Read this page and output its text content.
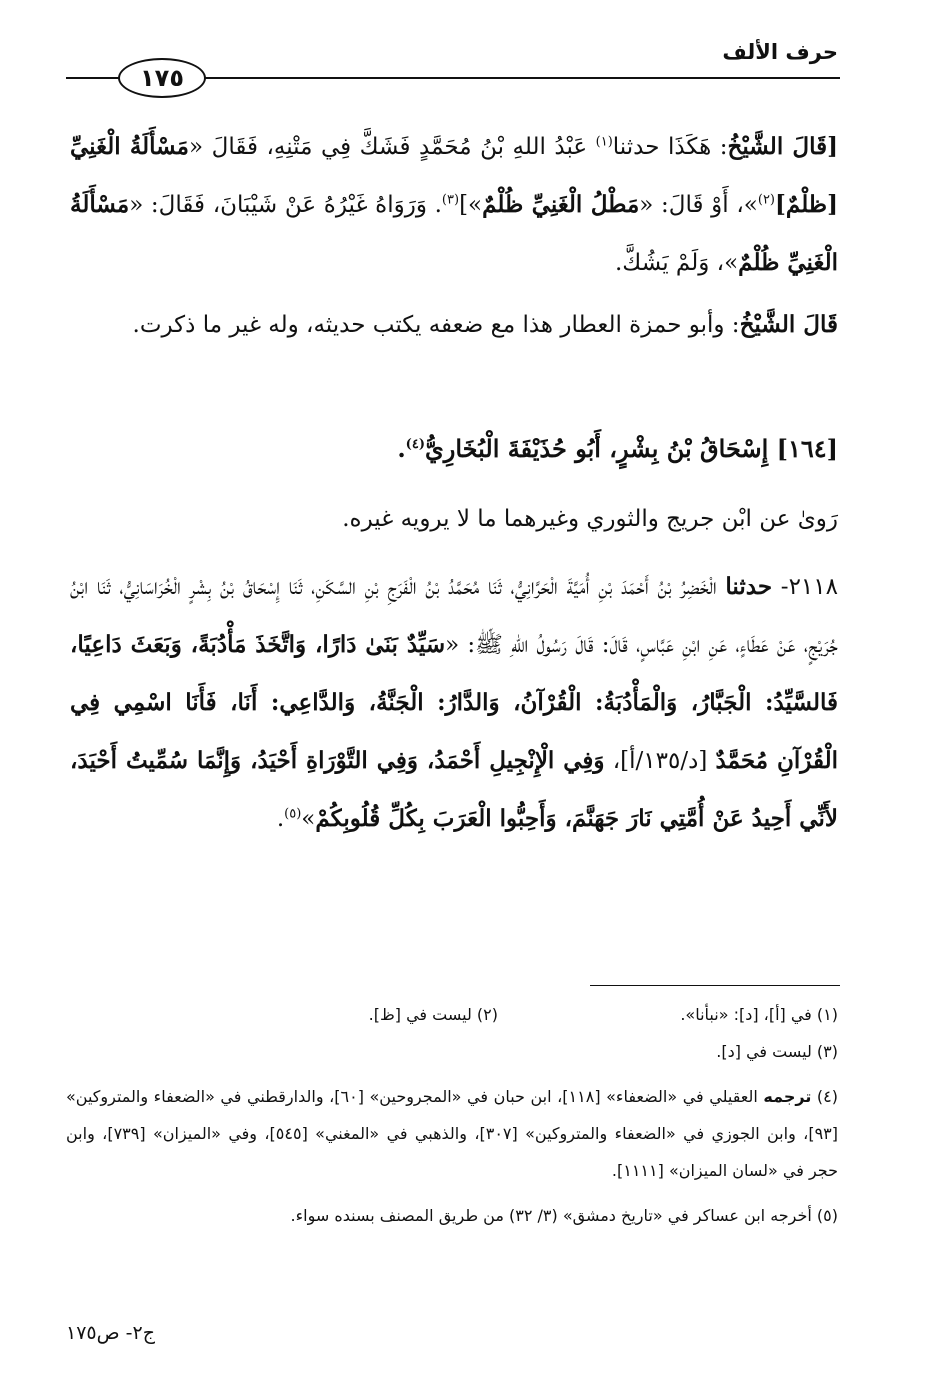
حرف الألف
١٧٥

[قَالَ الشَّيْخُ: هَكَذَا حدثنا$^{(١)}$ عَبْدُ اللهِ بْنُ مُحَمَّدٍ فَشَكَّ فِي مَتْنِهِ، فَقَالَ «مَسْأَلَةُ الْغَنِيِّ [ظلْمٌ]$^{(٢)}$»، أَوْ قَالَ: «مَطْلُ الْغَنِيِّ ظُلْمٌ»]$^{(٣)}$. وَرَوَاهُ غَيْرُهُ عَنْ شَيْبَانَ، فَقَالَ: «مَسْأَلَةُ الْغَنِيِّ ظُلْمٌ»، وَلَمْ يَشُكَّ.

قَالَ الشَّيْخُ: وأبو حمزة العطار هذا مع ضعفه يكتب حديثه، وله غير ما ذكرت.

[١٦٤] إِسْحَاقُ بْنُ بِشْرٍ، أَبُو حُذَيْفَةَ الْبُخَارِيُّ$^{(٤)}$.

رَوىٰ عن ابْن جريج والثوري وغيرهما ما لا يرويه غيره.

٢١١٨- حدثنا الْخَضِرُ بْنُ أَحْمَدَ بْنِ أُمَيَّةَ الْحَرَّانِيُّ، ثَنَا مُحَمَّدُ بْنُ الْفَرَجِ بْنِ السَّكَنِ، ثَنَا إِسْحَاقُ بْنُ بِشْرٍ الْخُرَاسَانِيُّ، ثَنَا ابْنُ جُرَيْجٍ، عَنْ عَطَاءٍ، عَنِ ابْنِ عَبَّاسٍ، قَالَ: قَالَ رَسُولُ اللهِ ﷺ: «سَيِّدٌ بَنَىٰ دَارًا، وَاتَّخَذَ مَأْدُبَةً، وَبَعَثَ دَاعِيًا، فَالسَّيِّدُ: الْجَبَّارُ، وَالْمَأْدُبَةُ: الْقُرْآنُ، وَالدَّارُ: الْجَنَّةُ، وَالدَّاعِي: أَنَا، فَأَنَا اسْمِي فِي الْقُرْآنِ مُحَمَّدٌ [د/١٣٥/أ]، وَفِي الْإِنْجِيلِ أَحْمَدُ، وَفِي التَّوْرَاةِ أَحْيَدُ، وَإِنَّمَا سُمِّيتُ أَحْيَدَ، لأَنِّي أَحِيدُ عَنْ أُمَّتِي نَارَ جَهَنَّمَ، وَأَحِبُّوا الْعَرَبَ بِكُلِّ قُلُوبِكُمْ»$^{(٥)}$.

(١) في [أ]، [د]: «نبأنا».
(٢) ليست في [ظ].

(٣) ليست في [د].

(٤) ترجمه العقيلي في «الضعفاء» [١١٨]، ابن حبان في «المجروحين» [٦٠]، والدارقطني في «الضعفاء والمتروكين» [٩٣]، وابن الجوزي في «الضعفاء والمتروكين» [٣٠٧]، والذهبي في «المغني» [٥٤٥]، وفي «الميزان» [٧٣٩]، وابن حجر في «لسان الميزان» [١١١١].

(٥) أخرجه ابن عساكر في «تاريخ دمشق» (٣/ ٣٢) من طريق المصنف بسنده سواء.

ج٢- ص١٧٥
